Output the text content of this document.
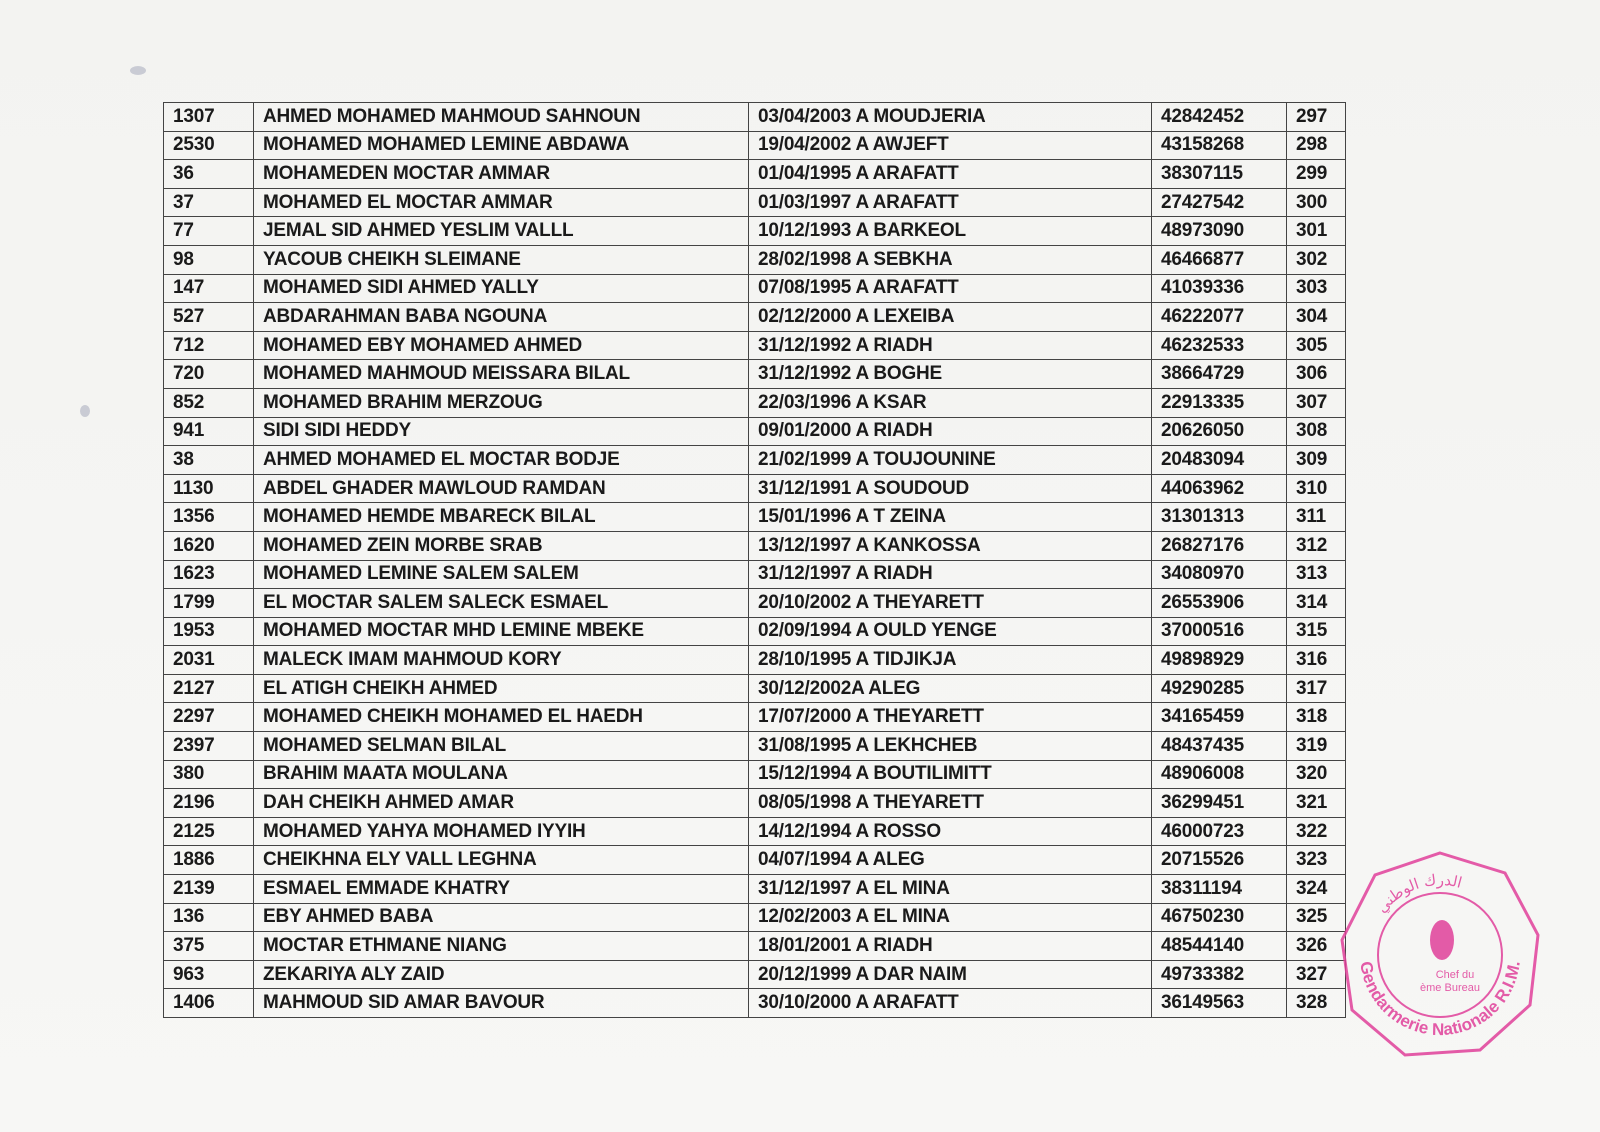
1307	AHMED MOHAMED MAHMOUD SAHNOUN	03/04/2003 A MOUDJERIA	42842452	297
2530	MOHAMED MOHAMED LEMINE ABDAWA	19/04/2002 A AWJEFT	43158268	298
36	MOHAMEDEN MOCTAR AMMAR	01/04/1995 A ARAFATT	38307115	299
37	MOHAMED EL MOCTAR AMMAR	01/03/1997 A ARAFATT	27427542	300
77	JEMAL SID AHMED YESLIM VALLL	10/12/1993 A BARKEOL	48973090	301
98	YACOUB CHEIKH SLEIMANE	28/02/1998 A SEBKHA	46466877	302
147	MOHAMED SIDI AHMED YALLY	07/08/1995 A ARAFATT	41039336	303
527	ABDARAHMAN BABA NGOUNA	02/12/2000 A LEXEIBA	46222077	304
712	MOHAMED EBY MOHAMED AHMED	31/12/1992 A RIADH	46232533	305
720	MOHAMED MAHMOUD MEISSARA BILAL	31/12/1992 A BOGHE	38664729	306
852	MOHAMED BRAHIM MERZOUG	22/03/1996 A KSAR	22913335	307
941	SIDI SIDI HEDDY	09/01/2000 A RIADH	20626050	308
38	AHMED MOHAMED EL MOCTAR BODJE	21/02/1999 A TOUJOUNINE	20483094	309
1130	ABDEL GHADER MAWLOUD RAMDAN	31/12/1991 A SOUDOUD	44063962	310
1356	MOHAMED HEMDE MBARECK BILAL	15/01/1996 A T ZEINA	31301313	311
1620	MOHAMED ZEIN MORBE SRAB	13/12/1997 A KANKOSSA	26827176	312
1623	MOHAMED LEMINE SALEM SALEM	31/12/1997 A RIADH	34080970	313
1799	EL MOCTAR SALEM SALECK ESMAEL	20/10/2002 A THEYARETT	26553906	314
1953	MOHAMED MOCTAR MHD LEMINE MBEKE	02/09/1994 A OULD YENGE	37000516	315
2031	MALECK IMAM MAHMOUD KORY	28/10/1995 A TIDJIKJA	49898929	316
2127	EL ATIGH CHEIKH AHMED	30/12/2002A ALEG	49290285	317
2297	MOHAMED CHEIKH MOHAMED EL HAEDH	17/07/2000 A THEYARETT	34165459	318
2397	MOHAMED SELMAN BILAL	31/08/1995 A LEKHCHEB	48437435	319
380	BRAHIM MAATA MOULANA	15/12/1994 A BOUTILIMITT	48906008	320
2196	DAH CHEIKH AHMED AMAR	08/05/1998 A THEYARETT	36299451	321
2125	MOHAMED YAHYA MOHAMED IYYIH	14/12/1994 A ROSSO	46000723	322
1886	CHEIKHNA ELY VALL LEGHNA	04/07/1994 A ALEG	20715526	323
2139	ESMAEL EMMADE KHATRY	31/12/1997 A EL MINA	38311194	324
136	EBY AHMED BABA	12/02/2003 A EL MINA	46750230	325
375	MOCTAR ETHMANE NIANG	18/01/2001 A RIADH	48544140	326
963	ZEKARIYA ALY ZAID	20/12/1999 A DAR NAIM	49733382	327
1406	MAHMOUD SID AMAR BAVOUR	30/10/2000 A ARAFATT	36149563	328
Gendarmerie Nationale R.I.M.
الدرك الوطني
Chef du
ème Bureau
